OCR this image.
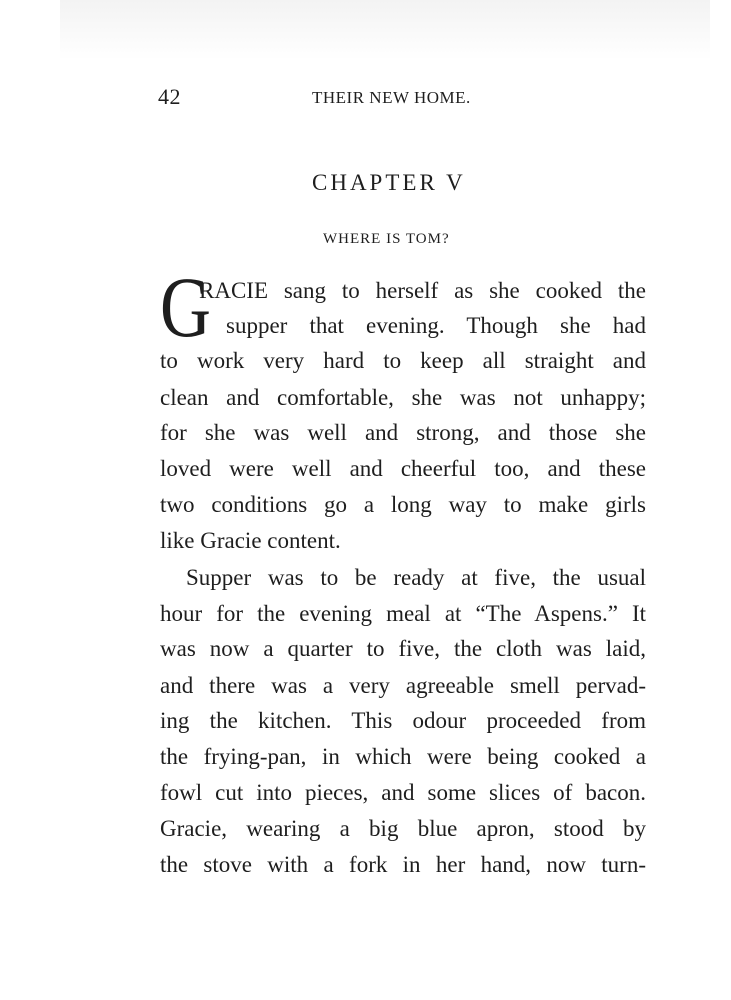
42	THEIR NEW HOME.
CHAPTER V
WHERE IS TOM?
G
RACIE sang to herself as she cooked the
supper that evening. Though she had
to work very hard to keep all straight and
clean and comfortable, she was not unhappy;
for she was well and strong, and those she
loved were well and cheerful too, and these
two conditions go a long way to make girls
like Gracie content.
Supper was to be ready at five, the usual
hour for the evening meal at “The Aspens.” It
was now a quarter to five, the cloth was laid,
and there was a very agreeable smell pervad-
ing the kitchen. This odour proceeded from
the frying-pan, in which were being cooked a
fowl cut into pieces, and some slices of bacon.
Gracie, wearing a big blue apron, stood by
the stove with a fork in her hand, now turn-
